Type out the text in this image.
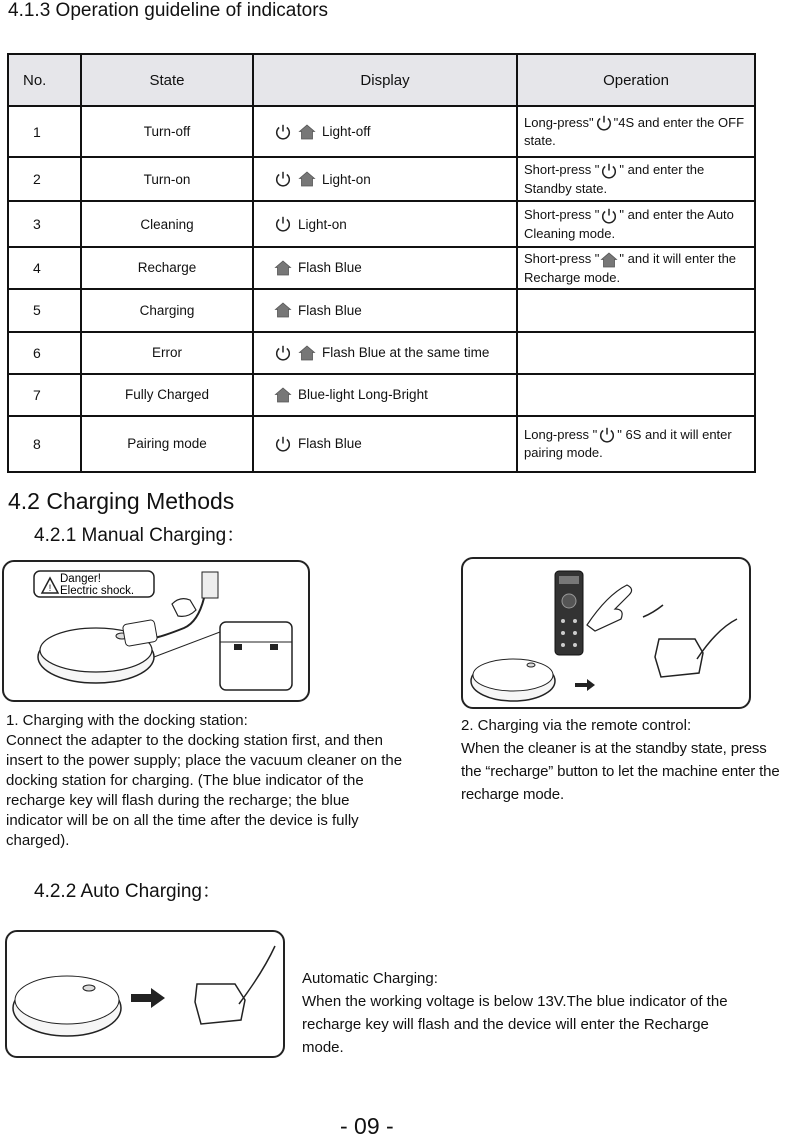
4.1.3 Operation guideline of indicators
No.	State	Display	Operation
1	Turn-off	Light-off	Long-press" "4S and enter the OFF state.
2	Turn-on	Light-on	Short-press " " and enter the Standby state.
3	Cleaning	Light-on	Short-press " " and enter the Auto Cleaning mode.
4	Recharge	Flash Blue	Short-press " " and it will enter the Recharge mode.
5	Charging	Flash Blue	

6	Error	Flash Blue at the same time	

7	Fully Charged	Blue-light Long-Bright	

8	Pairing mode	Flash Blue	Long-press " " 6S and it will enter pairing mode.
4.2 Charging Methods
4.2.1 Manual Charging：
!
Danger!
Electric shock.
1. Charging with the docking station:
Connect the adapter to the docking station first, and then insert to the power supply; place the vacuum cleaner on the docking station for charging. (The blue indicator of the recharge key will flash during the recharge; the blue indicator will be on all the time after the device is fully charged).
2. Charging via the remote control:
When the cleaner is at the standby state, press the “recharge” button to let the machine enter the recharge mode.
4.2.2 Auto Charging：
Automatic Charging:
When the working voltage is below 13V.The blue indicator of the recharge key will flash and the device will enter the Recharge mode.
- 09 -
